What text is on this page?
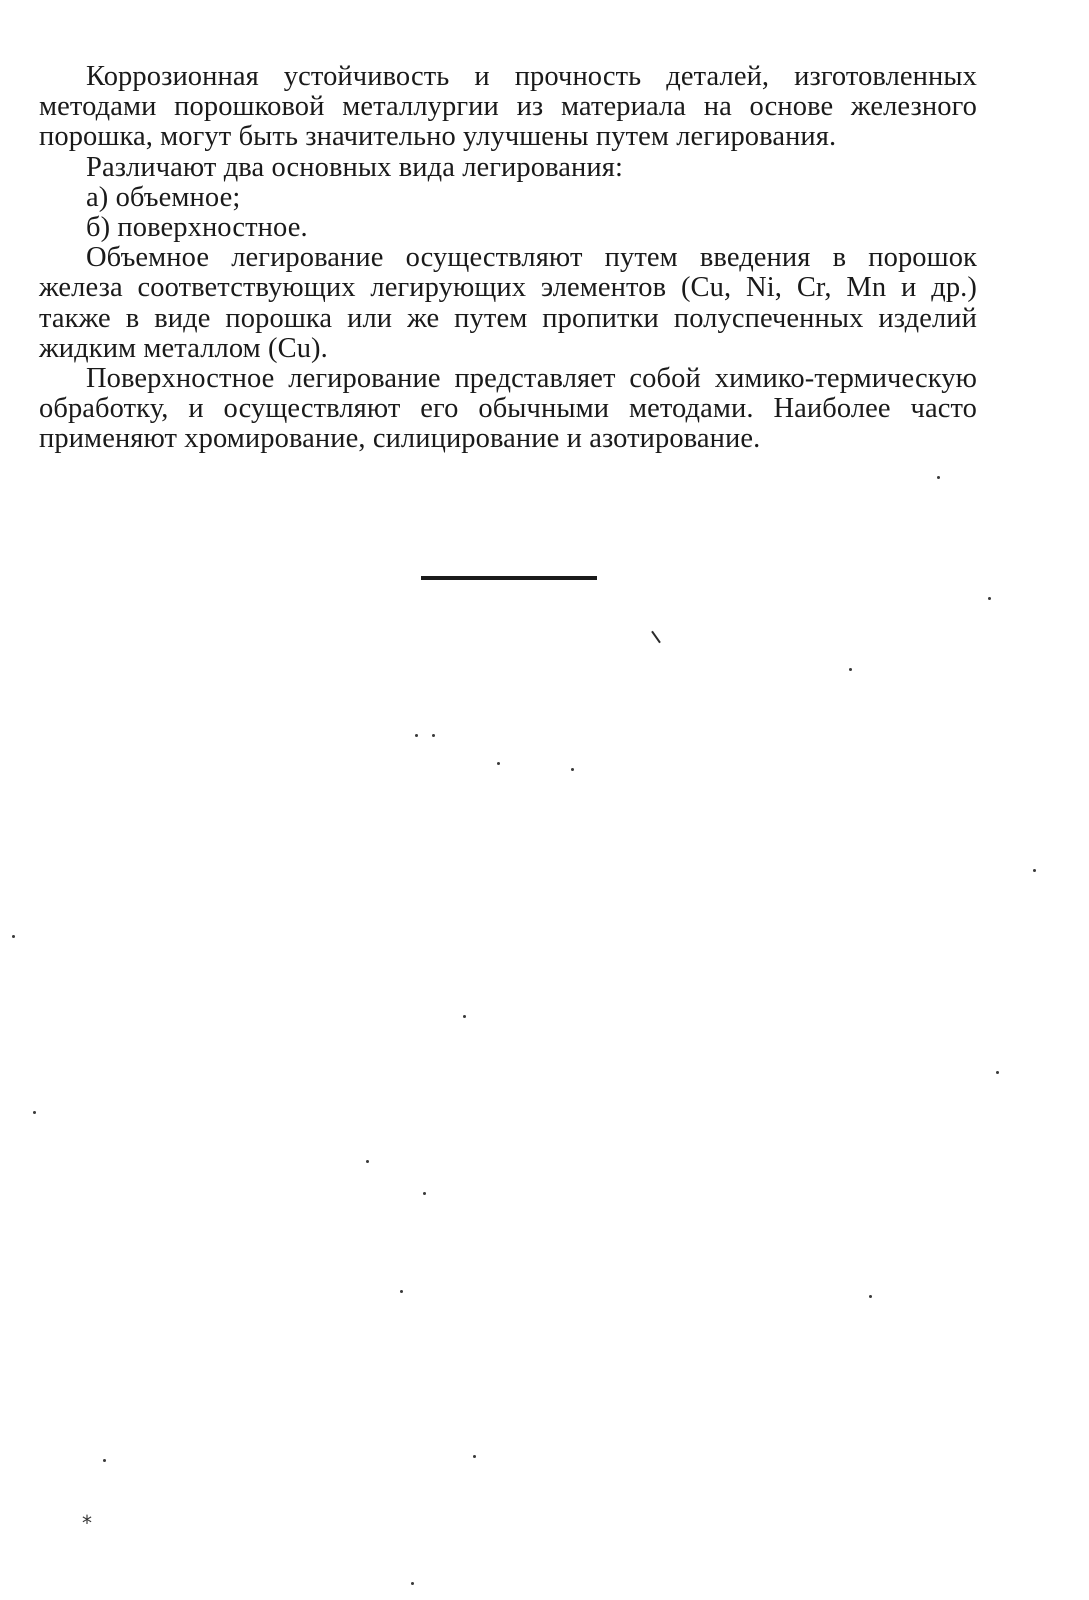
Коррозионная устойчивость и прочность деталей, изготовленных методами порошковой металлургии из материала на основе железного порошка, могут быть значительно улучшены путем легирования.

Различают два основных вида легирования:

а) объемное;

б) поверхностное.

Объемное легирование осуществляют путем введения в порошок железа соответствующих легирующих элементов (Cu, Ni, Cr, Mn и др.) также в виде порошка или же путем пропитки полуспеченных изделий жидким металлом (Cu).

Поверхностное легирование представляет собой химико-термическую обработку, и осуществляют его обычными методами. Наиболее часто применяют хромирование, силицирование и азотирование.

*
